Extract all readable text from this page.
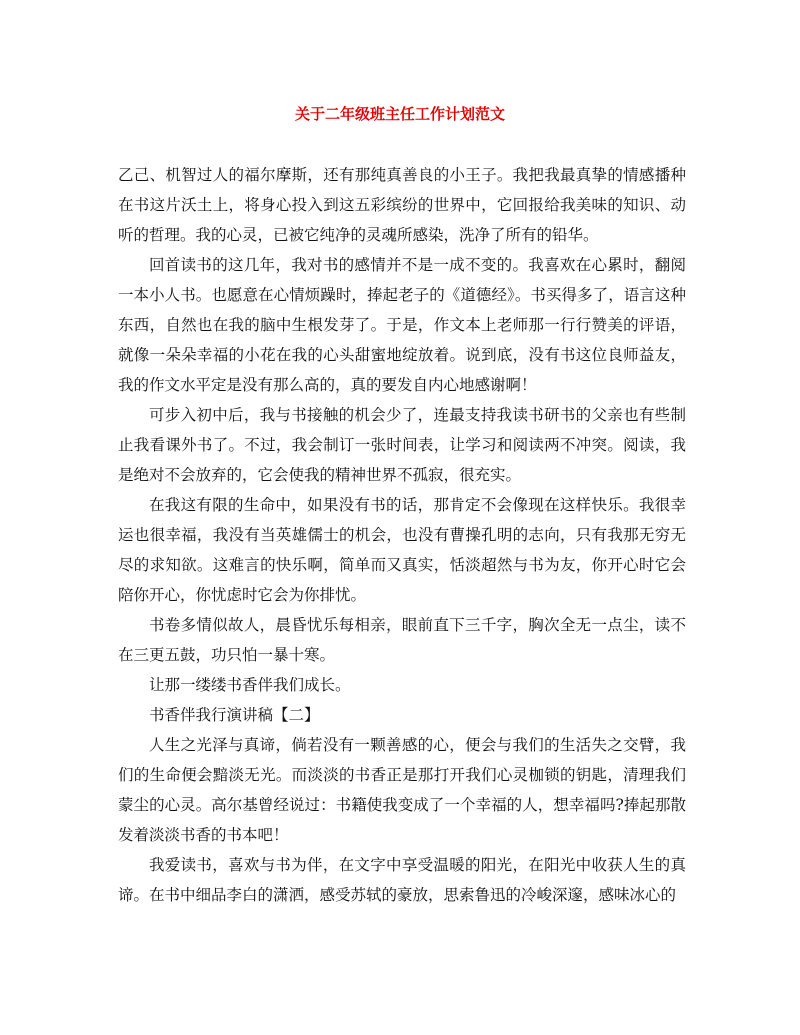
关于二年级班主任工作计划范文

乙己、机智过人的福尔摩斯，还有那纯真善良的小王子。我把我最真挚的情感播种在书这片沃土上，将身心投入到这五彩缤纷的世界中，它回报给我美味的知识、动听的哲理。我的心灵，已被它纯净的灵魂所感染，洗净了所有的铅华。

回首读书的这几年，我对书的感情并不是一成不变的。我喜欢在心累时，翻阅一本小人书。也愿意在心情烦躁时，捧起老子的《道德经》。书买得多了，语言这种东西，自然也在我的脑中生根发芽了。于是，作文本上老师那一行行赞美的评语，就像一朵朵幸福的小花在我的心头甜蜜地绽放着。说到底，没有书这位良师益友，我的作文水平定是没有那么高的，真的要发自内心地感谢啊！

可步入初中后，我与书接触的机会少了，连最支持我读书研书的父亲也有些制止我看课外书了。不过，我会制订一张时间表，让学习和阅读两不冲突。阅读，我是绝对不会放弃的，它会使我的精神世界不孤寂，很充实。

在我这有限的生命中，如果没有书的话，那肯定不会像现在这样快乐。我很幸运也很幸福，我没有当英雄儒士的机会，也没有曹操孔明的志向，只有我那无穷无尽的求知欲。这难言的快乐啊，简单而又真实，恬淡超然与书为友，你开心时它会陪你开心，你忧虑时它会为你排忧。

书卷多情似故人，晨昏忧乐每相亲，眼前直下三千字，胸次全无一点尘，读不在三更五鼓，功只怕一暴十寒。

让那一缕缕书香伴我们成长。

书香伴我行演讲稿【二】

人生之光泽与真谛，倘若没有一颗善感的心，便会与我们的生活失之交臂，我们的生命便会黯淡无光。而淡淡的书香正是那打开我们心灵枷锁的钥匙，清理我们蒙尘的心灵。高尔基曾经说过：书籍使我变成了一个幸福的人，想幸福吗?捧起那散发着淡淡书香的书本吧！

我爱读书，喜欢与书为伴，在文字中享受温暖的阳光，在阳光中收获人生的真谛。在书中细品李白的潇洒，感受苏轼的豪放，思索鲁迅的冷峻深邃，感味冰心的
